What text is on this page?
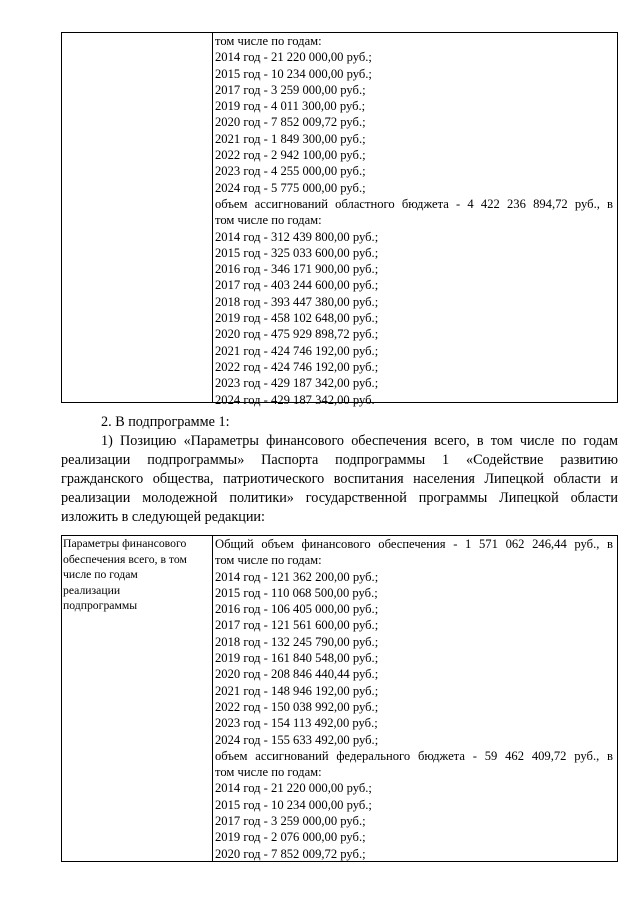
том числе по годам:
2014 год - 21 220 000,00 руб.;
2015 год - 10 234 000,00 руб.;
2017 год - 3 259 000,00 руб.;
2019 год - 4 011 300,00 руб.;
2020 год - 7 852 009,72 руб.;
2021 год - 1 849 300,00 руб.;
2022 год - 2 942 100,00 руб.;
2023 год - 4 255 000,00 руб.;
2024 год - 5 775 000,00 руб.;
объем ассигнований областного бюджета - 4 422 236 894,72 руб., в
том числе по годам:
2014 год - 312 439 800,00 руб.;
2015 год - 325 033 600,00 руб.;
2016 год - 346 171 900,00 руб.;
2017 год - 403 244 600,00 руб.;
2018 год - 393 447 380,00 руб.;
2019 год - 458 102 648,00 руб.;
2020 год - 475 929 898,72 руб.;
2021 год - 424 746 192,00 руб.;
2022 год - 424 746 192,00 руб.;
2023 год - 429 187 342,00 руб.;
2024 год - 429 187 342,00 руб.
2. В подпрограмме 1:
1) Позицию «Параметры финансового обеспечения всего, в том числе по годам
реализации подпрограммы» Паспорта подпрограммы 1 «Содействие развитию
гражданского общества, патриотического воспитания населения Липецкой области и
реализации молодежной политики» государственной программы Липецкой области
изложить в следующей редакции:
Параметры финансового
обеспечения всего, в том
числе по годам
реализации
подпрограммы
Общий объем финансового обеспечения - 1 571 062 246,44 руб., в
том числе по годам:
2014 год - 121 362 200,00 руб.;
2015 год - 110 068 500,00 руб.;
2016 год - 106 405 000,00 руб.;
2017 год - 121 561 600,00 руб.;
2018 год - 132 245 790,00 руб.;
2019 год - 161 840 548,00 руб.;
2020 год - 208 846 440,44 руб.;
2021 год - 148 946 192,00 руб.;
2022 год - 150 038 992,00 руб.;
2023 год - 154 113 492,00 руб.;
2024 год - 155 633 492,00 руб.;
объем ассигнований федерального бюджета - 59 462 409,72 руб., в
том числе по годам:
2014 год - 21 220 000,00 руб.;
2015 год - 10 234 000,00 руб.;
2017 год - 3 259 000,00 руб.;
2019 год - 2 076 000,00 руб.;
2020 год - 7 852 009,72 руб.;
